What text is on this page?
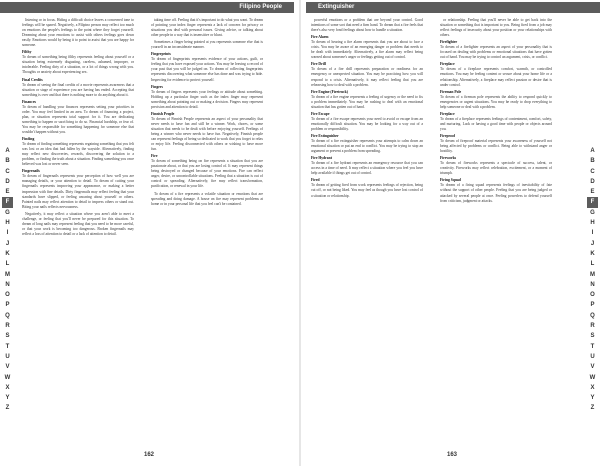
Filipino People
A
B
C
D
E
F
G
H
I
J
K
L
M
N
O
P
Q
R
S
T
U
V
W
X
Y
Z

listening or in focus. Hiding a difficult choice leaves a concerned tone to feelings will be spared. Negatively, a Filipino person may reflect too much on emotions the people's feelings to the point where they forget yourself. Dreaming about your emotions to assist with others feelings goes down easily. Emotions would by being it to point to assist that you are happy for someone.

Filthy

To dream of something being filthy represents feeling about yourself or a situation being extremely disgusting, careless, ashamed, improper, or intolerable. Feeling dirty of a situation, or a lot of things wrong with you. Thoughts or anxiety about experiencing sex.

Final Credits

To dream of seeing the final credits of a movie represents awareness that a situation or stage of experience you are having has ended. Accepting that something is over and that there is nothing more to do anything about it.

Finances

To dream of handling your finances represents setting your priorities in order. You may feel limited in an area. To dream of financing a project, plan, or situation represents total support for it. You are dedicating something to happen or sacrificing to do so. Financial hardship, or fear of. You may be responsible for something happening for someone else that wouldn't happen without you.

Finding

To dream of finding something represents regaining something that you felt was lost or an idea that had fallen by the wayside. Alternatively, finding may reflect new discoveries, rewards, discovering the solution to a problem, or finding the truth about a situation. Finding something you once believed was lost or never seen.

Fingernails

To dream of fingernails represents your perception of how well you are managing details, or your attention to detail. To dream of cutting your fingernails represents improving your appearance, or making a better impression with fine details. Dirty fingernails may reflect feeling that your standards have slipped, or feeling uncaring about yourself or others. Painted nails may reflect attention to detail to impress others or stand out. Biting your nails reflects nervousness.

Negatively, it may reflect a situation where you aren't able to meet a challenge, or feeling that you'll never be prepared for this situation. To dream of long nails may represent feeling that you need to be more careful, or that your work is becoming too dangerous. Broken fingernails may reflect a loss of attention to detail or a lack of attention to detail.

taking time off. Feeling that it's important to do what you want. To dream of pointing your index finger represents a lack of concern for privacy or situations you deal with personal issues. Giving advice, or talking about other people in a way that is insensitive or blunt.

Sometimes a finger being pointed at you represents someone else that is yourself in an inconsiderate manner.

Fingerprints

To dream of fingerprints represents evidence of your actions, guilt, or feeling that you have exposed your actions. You may be leaving a record of your past that you will be judged on. To dream of collecting fingerprints represents discovering what someone else has done and was trying to hide. Inspecting for evidence to protect yourself.

Fingers

To dream of fingers represents your feelings or attitude about something. Holding up a particular finger such as the index finger may represent something about pointing out or making a decision. Fingers may represent precision and attention to detail.

Finnish People

To dream of Finnish People represents an aspect of your personality that never needs to have fun and still be a winner. Work, chores, or some situation that needs to be dealt with before enjoying yourself. Feelings of being a winner who never needs to have fun. Negatively, Finnish people can represent feelings of being so dedicated to work that you forget to relax or enjoy life. Feeling disconnected with others or wishing to have more fun.

Fire

To dream of something being on fire represents a situation that you are passionate about, or that you are losing control of. It may represent things being destroyed or changed because of your emotions. Fire can reflect anger, desire, or uncontrollable situations. Feeling that a situation is out of control or spreading. Alternatively, fire may reflect transformation, purification, or renewal in your life.

To dream of a fire represents a volatile situation or emotions that are spreading and doing damage. A house on fire may represent problems at home or in your personal life that you feel can't be contained.

162
Extinguisher
A
B
C
D
E
F
G
H
I
J
K
L
M
N
O
P
Q
R
S
T
U
V
W
X
Y
Z

powerful emotions or a problem that are beyond your control. Good intentions of some sort that need a firm hand. To dream that a fire feels that there's also very fond feelings about how to handle a situation.

Fire Alarm

To dream of hearing a fire alarm represents that you are about to face a crisis. You may be aware of an emerging danger or problem that needs to be dealt with immediately. Alternatively, a fire alarm may reflect being warned about someone's anger or feelings getting out of control.

Fire Drill

To dream of a fire drill represents preparation or readiness for an emergency or unexpected situation. You may be practicing how you will respond to a crisis. Alternatively, it may reflect feeling that you are rehearsing how to deal with a problem.

Fire Engine (Firetruck)

To dream of a fire engine represents a feeling of urgency or the need to fix a problem immediately. You may be rushing to deal with an emotional situation that has gotten out of hand.

Fire Escape

To dream of a fire escape represents your need to avoid or escape from an emotionally difficult situation. You may be looking for a way out of a problem or responsibility.

Fire Extinguisher

To dream of a fire extinguisher represents your attempts to calm down an emotional situation or put an end to conflict. You may be trying to stop an argument or prevent a problem from spreading.

Fire Hydrant

To dream of a fire hydrant represents an emergency resource that you can access in a time of need. It may reflect a situation where you feel you have help available if things get out of control.

Fired

To dream of getting fired from work represents feelings of rejection, being cut off, or not being liked. You may feel as though you have lost control of a situation or relationship.

or relationship. Feeling that you'll never be able to get back into the situation or something that is important to you. Being fired from a job may reflect feelings of insecurity about your position or your relationships with others.

Firefighter

To dream of a firefighter represents an aspect of your personality that is focused on dealing with problems or emotional situations that have gotten out of hand. You may be trying to control an argument, crisis, or conflict.

Fireplace

To dream of a fireplace represents comfort, warmth, or controlled emotions. You may be feeling content or secure about your home life or a relationship. Alternatively, a fireplace may reflect passion or desire that is under control.

Fireman Pole

To dream of a fireman pole represents the ability to respond quickly to emergencies or urgent situations. You may be ready to drop everything to help someone or deal with a problem.

Fireplace

To dream of a fireplace represents feelings of contentment, comfort, safety, and nurturing. Luck or having a good time with people or objects around you.

Fireproof

To dream of fireproof material represents your awareness of yourself not being affected by problems or conflict. Being able to withstand anger or hostility.

Fireworks

To dream of fireworks represents a spectacle of success, talent, or creativity. Fireworks may reflect celebration, excitement, or a moment of triumph.

Firing Squad

To dream of a firing squad represents feelings of inevitability of fate without the support of other people. Feeling that you are being judged or attacked by several people at once. Feeling powerless to defend yourself from criticism, judgment or attacks.

163
